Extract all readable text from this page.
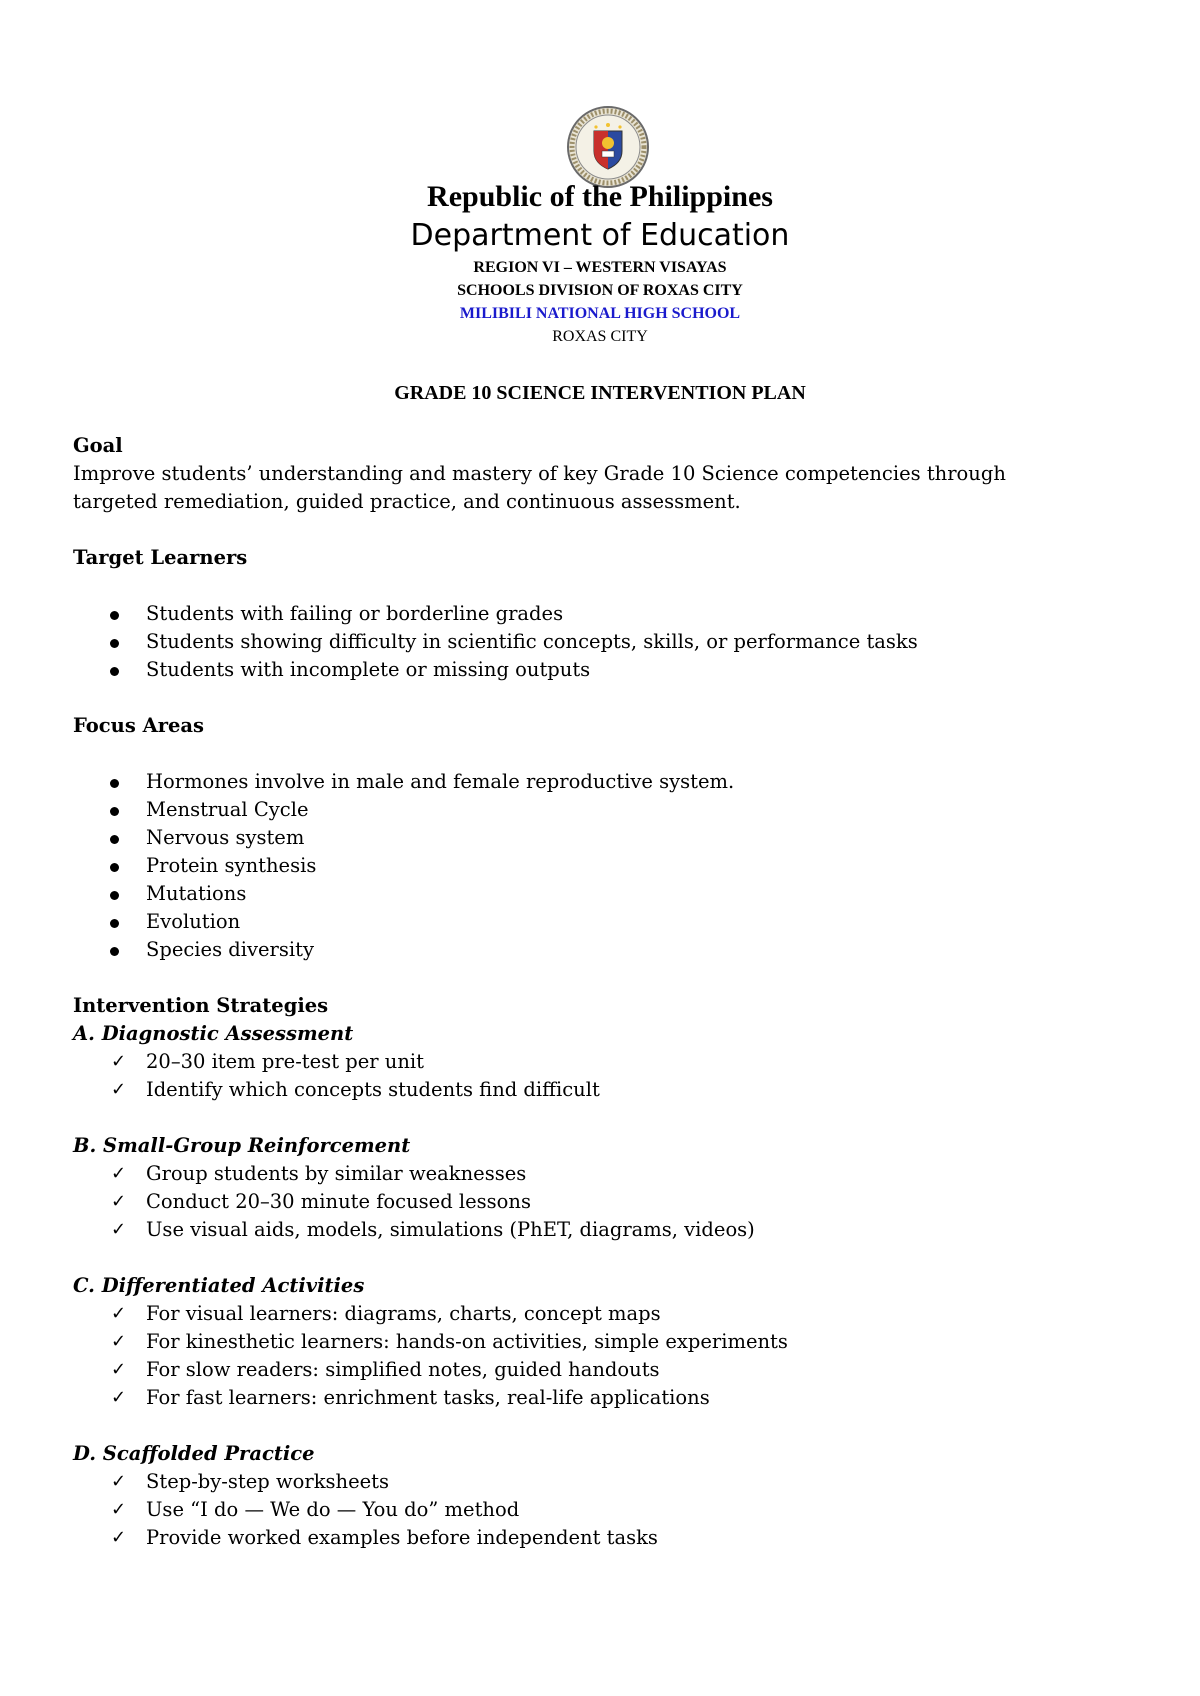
Republic of the Philippines
Department of Education
REGION VI – WESTERN VISAYAS
SCHOOLS DIVISION OF ROXAS CITY
MILIBILI NATIONAL HIGH SCHOOL
ROXAS CITY
GRADE 10 SCIENCE INTERVENTION PLAN

Goal

Improve students’ understanding and mastery of key Grade 10 Science competencies through targeted remediation, guided practice, and continuous assessment.

Target Learners

Students with failing or borderline grades
Students showing difficulty in scientific concepts, skills, or performance tasks
Students with incomplete or missing outputs

Focus Areas

Hormones involve in male and female reproductive system.
Menstrual Cycle
Nervous system
Protein synthesis
Mutations
Evolution
Species diversity

Intervention Strategies

A. Diagnostic Assessment

✓ 20–30 item pre-test per unit
✓ Identify which concepts students find difficult

B. Small-Group Reinforcement

✓ Group students by similar weaknesses
✓ Conduct 20–30 minute focused lessons
✓ Use visual aids, models, simulations (PhET, diagrams, videos)

C. Differentiated Activities

✓ For visual learners: diagrams, charts, concept maps
✓ For kinesthetic learners: hands-on activities, simple experiments
✓ For slow readers: simplified notes, guided handouts
✓ For fast learners: enrichment tasks, real-life applications

D. Scaffolded Practice

✓ Step-by-step worksheets
✓ Use “I do — We do — You do” method
✓ Provide worked examples before independent tasks
